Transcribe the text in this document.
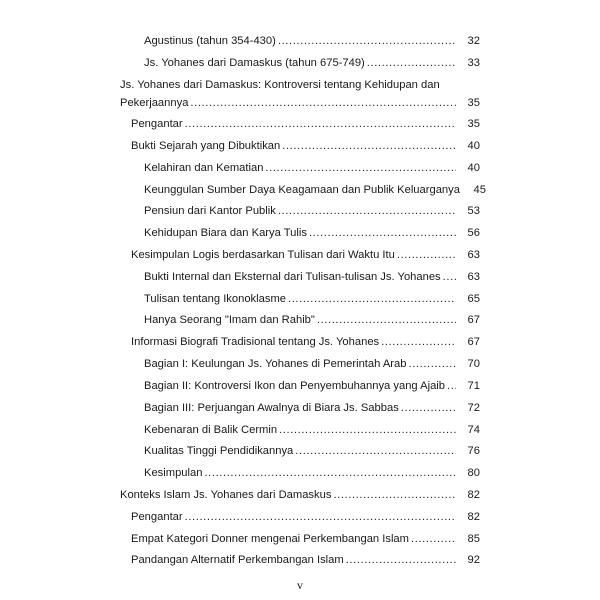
Agustinus (tahun 354-430) .....	32
Js. Yohanes dari Damaskus (tahun 675-749) .....	33
Js. Yohanes dari Damaskus: Kontroversi tentang Kehidupan dan
Pekerjaannya .....	35
Pengantar .....	35
Bukti Sejarah yang Dibuktikan .....	40
Kelahiran dan Kematian .....	40
Keunggulan Sumber Daya Keagamaan dan Publik Keluarganya	45
Pensiun dari Kantor Publik .....	53
Kehidupan Biara dan Karya Tulis .....	56
Kesimpulan Logis berdasarkan Tulisan dari Waktu Itu .....	63
Bukti Internal dan Eksternal dari Tulisan-tulisan Js. Yohanes .....	63
Tulisan tentang Ikonoklasme .....	65
Hanya Seorang "Imam dan Rahib" .....	67
Informasi Biografi Tradisional tentang Js. Yohanes .....	67
Bagian I: Keulungan Js. Yohanes di Pemerintah Arab .....	70
Bagian II: Kontroversi Ikon dan Penyembuhannya yang Ajaib .....	71
Bagian III: Perjuangan Awalnya di Biara Js. Sabbas .....	72
Kebenaran di Balik Cermin .....	74
Kualitas Tinggi Pendidikannya .....	76
Kesimpulan .....	80
Konteks Islam Js. Yohanes dari Damaskus .....	82
Pengantar .....	82
Empat Kategori Donner mengenai Perkembangan Islam .....	85
Pandangan Alternatif Perkembangan Islam .....	92
v
